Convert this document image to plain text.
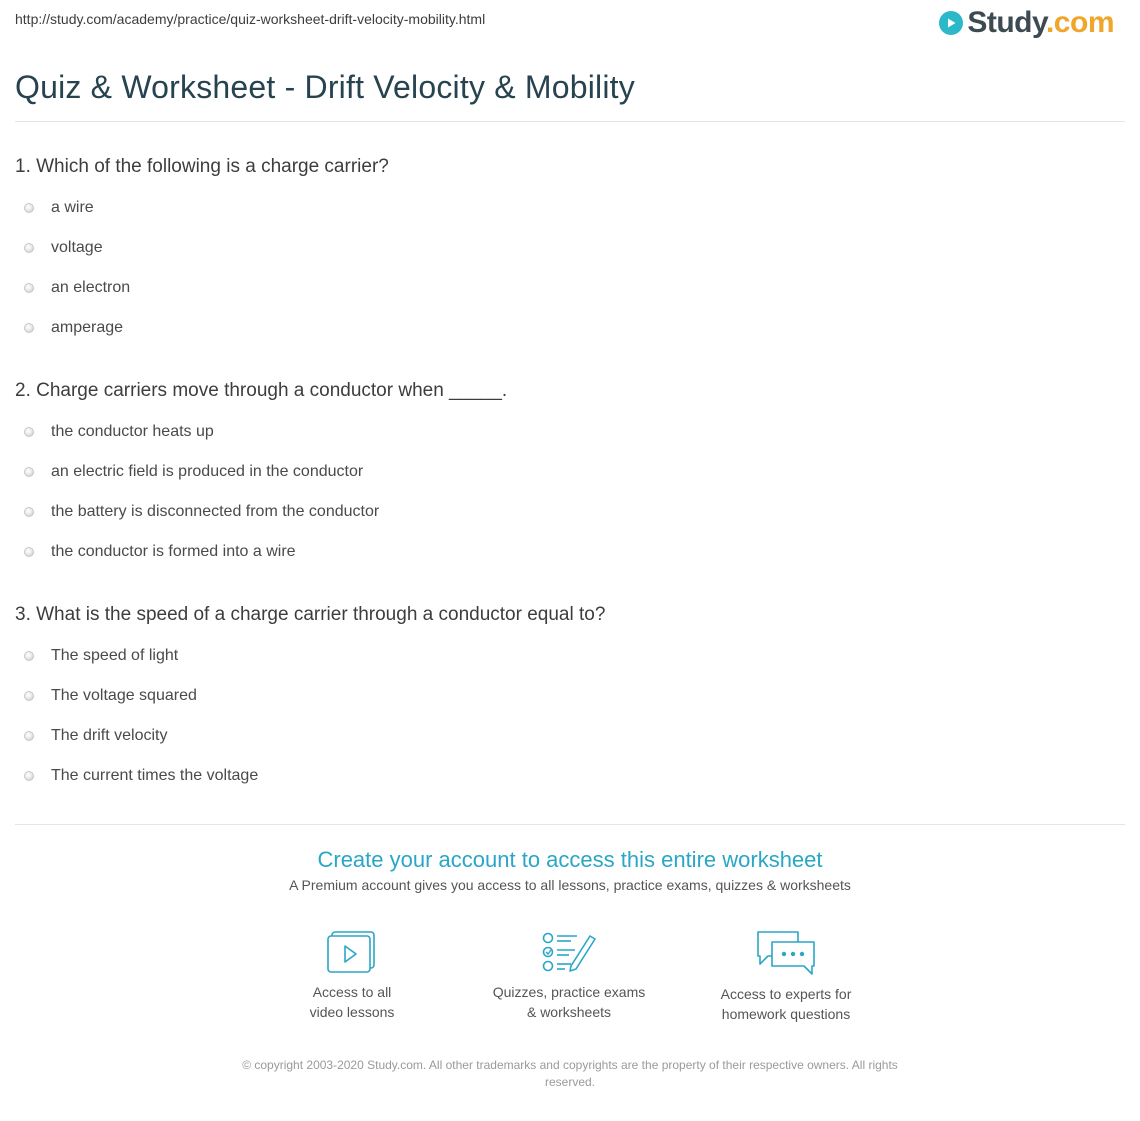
http://study.com/academy/practice/quiz-worksheet-drift-velocity-mobility.html	Study.com
Quiz & Worksheet - Drift Velocity & Mobility

1. Which of the following is a charge carrier?

a wire
voltage
an electron
amperage

2. Charge carriers move through a conductor when _____.

the conductor heats up
an electric field is produced in the conductor
the battery is disconnected from the conductor
the conductor is formed into a wire

3. What is the speed of a charge carrier through a conductor equal to?

The speed of light
The voltage squared
The drift velocity
The current times the voltage

Create your account to access this entire worksheet

A Premium account gives you access to all lessons, practice exams, quizzes & worksheets

Access to all
video lessons
Quizzes, practice exams
& worksheets
Access to experts for
homework questions
© copyright 2003-2020 Study.com. All other trademarks and copyrights are the property of their respective owners. All rights
reserved.
